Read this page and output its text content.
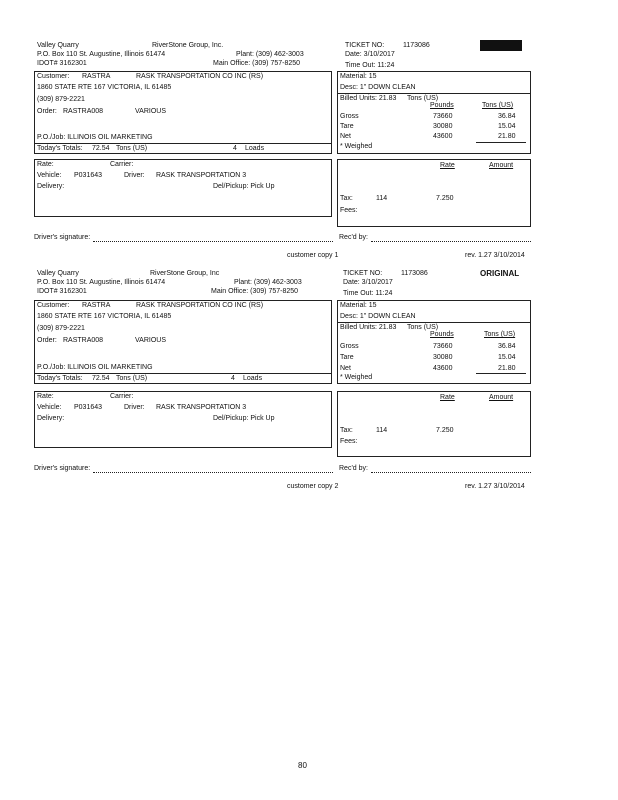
Valley Quarry	RiverStone Group, Inc.
P.O. Box 110 St. Augustine, Illinois 61474	Plant: (309) 462-3003
IDOT# 3162301	Main Office: (309) 757-8250
TICKET NO:	1173086
Date: 3/10/2017
Time Out: 11:24
Customer: RASTRA	RASK TRANSPORTATION CO INC (RS)
1860 STATE RTE 167 VICTORIA, IL 61485
(309) 879-2221
Order: RASTRA008	VARIOUS
P.O./Job: ILLINOIS OIL MARKETING
Today's Totals: 72.54 Tons (US)	4 Loads
Material: 15
Desc: 1" DOWN CLEAN
Billed Units: 21.83 Tons (US)
Pounds	Tons (US)
Gross	73660	36.84
Tare	30080	15.04
Net	43600	21.80
* Weighed
Rate:	Carrier:
Vehicle: P031643	Driver: RASK TRANSPORTATION 3
Delivery:	Del/Pickup: Pick Up
Rate	Amount
Tax:	114	7.250
Fees:
Driver's signature:	Rec'd by:
customer copy 1	rev. 1.27 3/10/2014
Valley Quarry	RiverStone Group, Inc
P.O. Box 110 St. Augustine, Illinois 61474	Plant: (309) 462-3003
IDOT# 3162301	Main Office: (309) 757-8250
TICKET NO:	1173086	ORIGINAL
Date: 3/10/2017
Time Out: 11:24
Customer: RASTRA	RASK TRANSPORTATION CO INC (RS)
1860 STATE RTE 167 VICTORIA, IL 61485
(309) 879-2221
Order: RASTRA008	VARIOUS
P.O./Job: ILLINOIS OIL MARKETING
Today's Totals: 72.54 Tons (US)	4 Loads
Material: 15
Desc: 1" DOWN CLEAN
Billed Units: 21.83 Tons (US)
Pounds	Tons (US)
Gross	73660	36.84
Tare	30080	15.04
Net	43600	21.80
* Weighed
Rate:	Carrier:
Vehicle: P031643	Driver: RASK TRANSPORTATION 3
Delivery:	Del/Pickup: Pick Up
Rate	Amount
Tax:	114	7.250
Fees:
Driver's signature:	Rec'd by:
customer copy 2	rev. 1.27 3/10/2014
80
